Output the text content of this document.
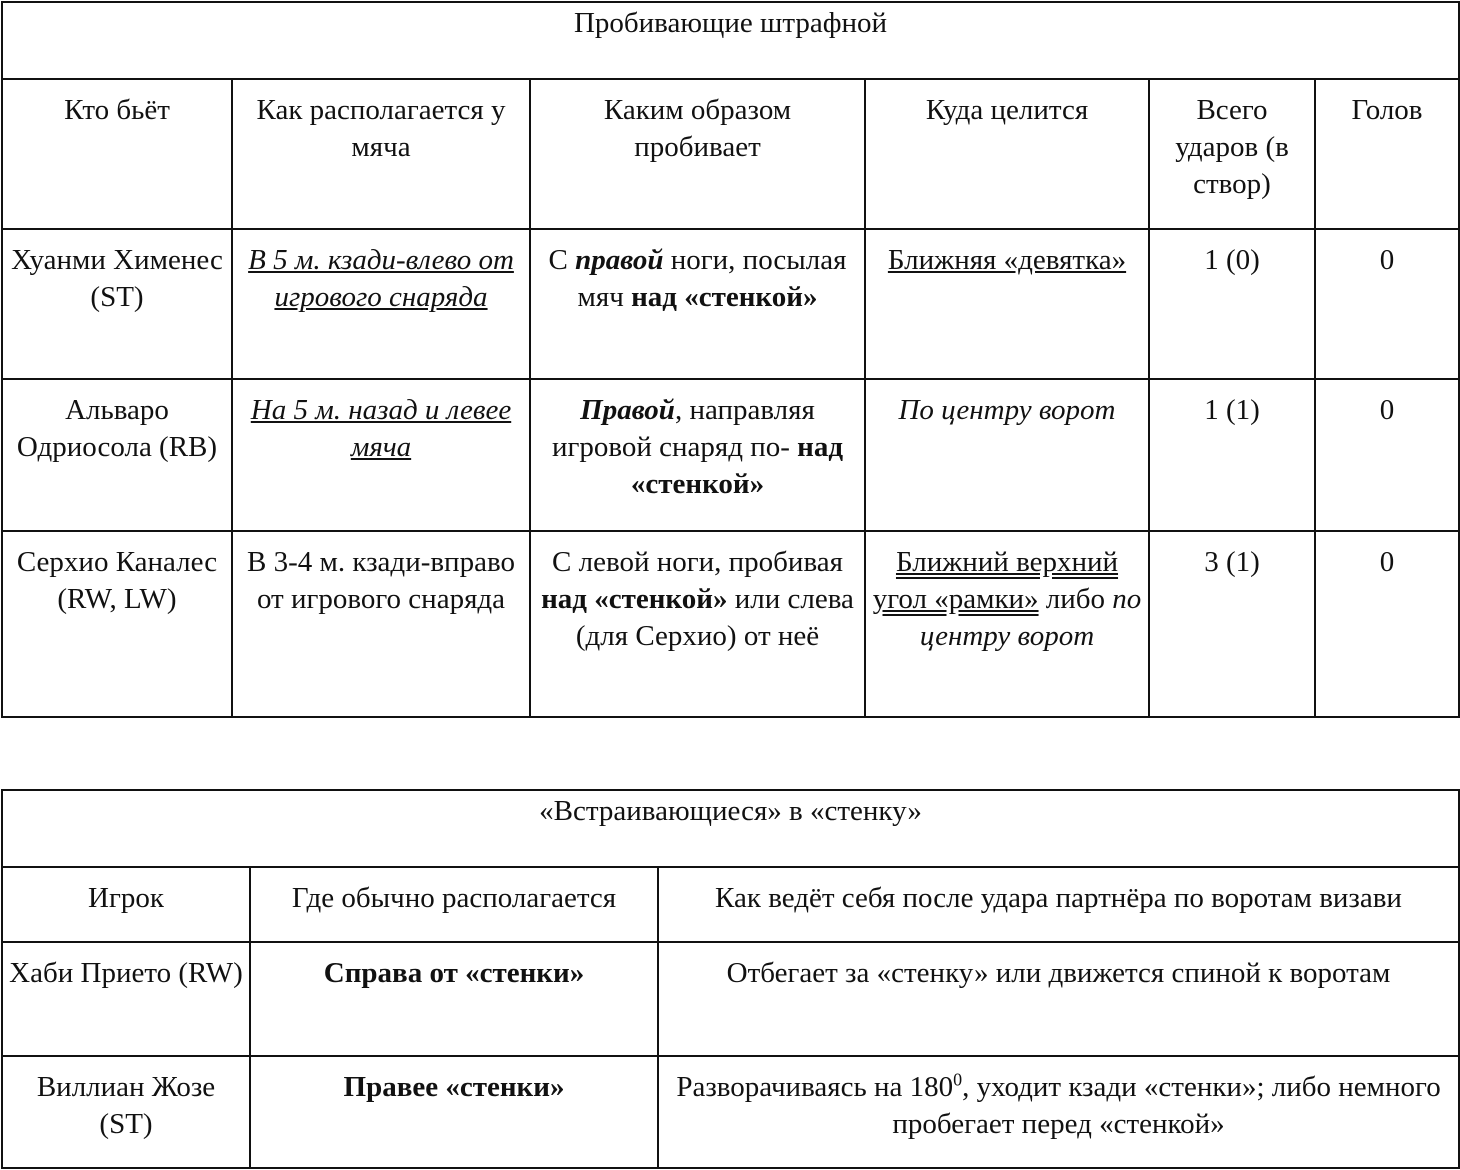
Пробивающие штрафной					
Кто бьёт	Как располагается у мяча	Каким образом пробивает	Куда целится	Всего ударов (в створ)	Голов
Хуанми Хименес (ST)	В 5 м. кзади-влево от игрового снаряда	С правой ноги, посылая мяч над «стенкой»	Ближняя «девятка»	1 (0)	0
Альваро Одриосола (RB)	На 5 м. назад и левее мяча	Правой, направляя игровой снаряд по- над «стенкой»	По центру ворот	1 (1)	0
Серхио Каналес (RW, LW)	В 3-4 м. кзади-вправо от игрового снаряда	С левой ноги, пробивая над «стенкой» или слева (для Серхио) от неё	Ближний верхний угол «рамки» либо по центру ворот	3 (1)	0
«Встраивающиеся» в «стенку»		
Игрок	Где обычно располагается	Как ведёт себя после удара партнёра по воротам визави
Хаби Прието (RW)	Справа от «стенки»	Отбегает за «стенку» или движется спиной к воротам
Виллиан Жозе (ST)	Правее «стенки»	Разворачиваясь на $180^0$, уходит кзади «стенки»; либо немного пробегает перед «стенкой»
